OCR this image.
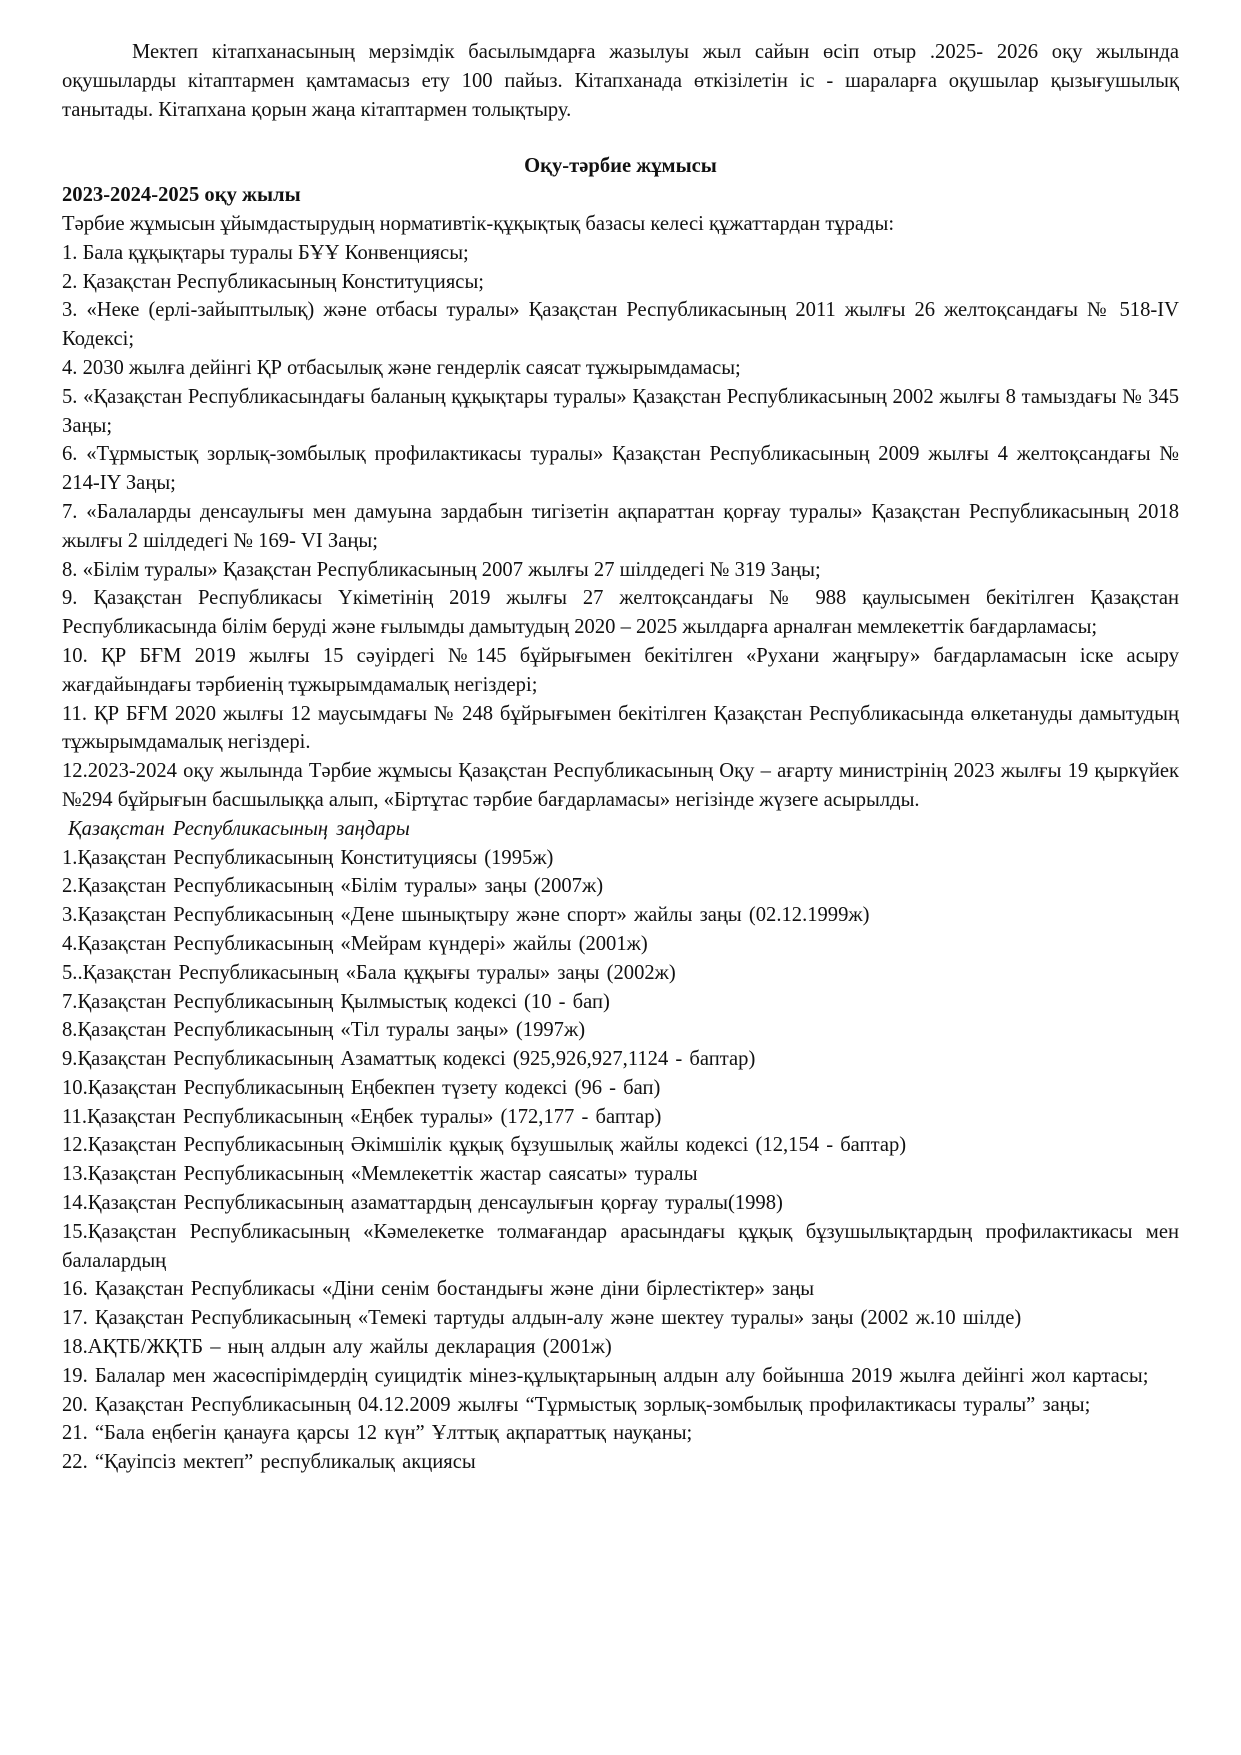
Мектеп кітапханасының мерзімдік басылымдарға жазылуы жыл сайын өсіп отыр .2025- 2026 оқу жылында оқушыларды кітаптармен қамтамасыз ету 100 пайыз. Кітапханада өткізілетін іс - шараларға оқушылар қызығушылық танытады. Кітапхана қорын жаңа кітаптармен толықтыру.

Оқу-тәрбие жұмысы

2023-2024-2025 оқу жылы

Тәрбие жұмысын ұйымдастырудың нормативтік-құқықтық базасы келесі құжаттардан тұрады:

1. Бала құқықтары туралы БҰҰ Конвенциясы;
2. Қазақстан Республикасының Конституциясы;
3. «Неке (ерлі-зайыптылық) және отбасы туралы» Қазақстан Республикасының 2011 жылғы 26 желтоқсандағы № 518-IV Кодексі;
4. 2030 жылға дейінгі ҚР отбасылық және гендерлік саясат тұжырымдамасы;
5. «Қазақстан Республикасындағы баланың құқықтары туралы» Қазақстан Республикасының 2002 жылғы 8 тамыздағы № 345 Заңы;
6. «Тұрмыстық зорлық-зомбылық профилактикасы туралы» Қазақстан Республикасының 2009 жылғы 4 желтоқсандағы № 214-IY Заңы;
7. «Балаларды денсаулығы мен дамуына зардабын тигізетін ақпараттан қорғау туралы» Қазақстан Республикасының 2018 жылғы 2 шілдедегі № 169- VI Заңы;
8. «Білім туралы» Қазақстан Республикасының 2007 жылғы 27 шілдедегі № 319 Заңы;
9. Қазақстан Республикасы Үкіметінің 2019 жылғы 27 желтоқсандағы № 988 қаулысымен бекітілген Қазақстан Республикасында білім беруді және ғылымды дамытудың 2020 – 2025 жылдарға арналған мемлекеттік бағдарламасы;
10. ҚР БҒМ 2019 жылғы 15 сәуірдегі №145 бұйрығымен бекітілген «Рухани жаңғыру» бағдарламасын іске асыру жағдайындағы тәрбиенің тұжырымдамалық негіздері;
11. ҚР БҒМ 2020 жылғы 12 маусымдағы № 248 бұйрығымен бекітілген Қазақстан Республикасында өлкетануды дамытудың тұжырымдамалық негіздері.
12.2023-2024 оқу жылында Тәрбие жұмысы Қазақстан Республикасының Оқу – ағарту министрінің 2023 жылғы 19 қыркүйек №294 бұйрығын басшылыққа алып, «Біртұтас тәрбие бағдарламасы» негізінде жүзеге асырылды.

Қазақстан Республикасының заңдары

1.Қазақстан Республикасының Конституциясы (1995ж)
2.Қазақстан Республикасының «Білім туралы» заңы (2007ж)
3.Қазақстан Республикасының «Дене шынықтыру және спорт» жайлы заңы (02.12.1999ж)
4.Қазақстан Республикасының «Мейрам күндері» жайлы (2001ж)
5..Қазақстан Республикасының «Бала құқығы туралы» заңы (2002ж)
7.Қазақстан Республикасының Қылмыстық кодексі (10 - бап)
8.Қазақстан Республикасының «Тіл туралы заңы» (1997ж)
9.Қазақстан Республикасының Азаматтық кодексі (925,926,927,1124 - баптар)
10.Қазақстан Республикасының Еңбекпен түзету кодексі (96 - бап)
11.Қазақстан Республикасының «Еңбек туралы» (172,177 - баптар)
12.Қазақстан Республикасының Әкімшілік құқық бұзушылық жайлы кодексі (12,154 - баптар)
13.Қазақстан Республикасының «Мемлекеттік жастар саясаты» туралы
14.Қазақстан Республикасының азаматтардың денсаулығын қорғау туралы(1998)
15.Қазақстан Республикасының «Кәмелекетке толмағандар арасындағы құқық бұзушылықтардың профилактикасы мен балалардың
16. Қазақстан Республикасы «Діни сенім бостандығы және діни бірлестіктер» заңы
17. Қазақстан Республикасының «Темекі тартуды алдын-алу және шектеу туралы» заңы (2002 ж.10 шілде)
18.АҚТБ/ЖҚТБ – ның алдын алу жайлы декларация (2001ж)
19. Балалар мен жасөспірімдердің суицидтік мінез-құлықтарының алдын алу бойынша 2019 жылға дейінгі жол картасы;
20. Қазақстан Республикасының 04.12.2009 жылғы “Тұрмыстық зорлық-зомбылық профилактикасы туралы” заңы;
21. “Бала еңбегін қанауға қарсы 12 күн” Ұлттық ақпараттық науқаны;
22. “Қауіпсіз мектеп” республикалық акциясы
